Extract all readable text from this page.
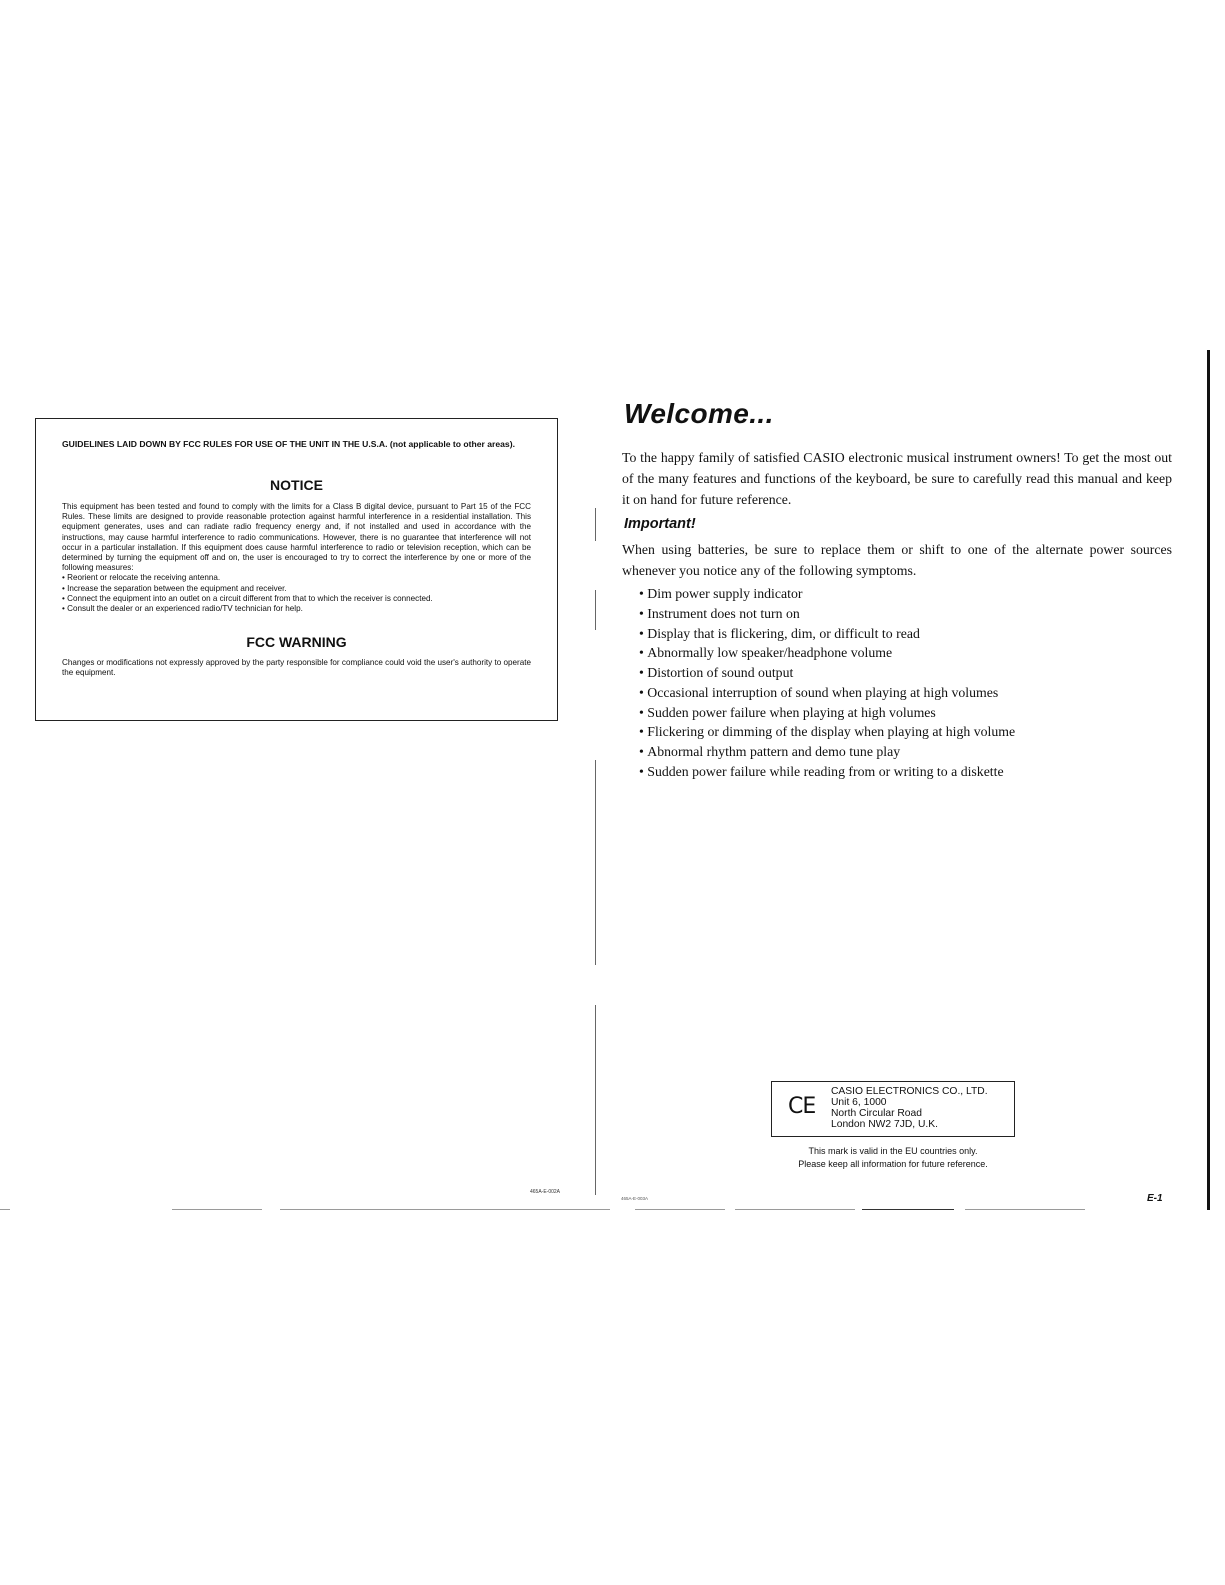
GUIDELINES LAID DOWN BY FCC RULES FOR USE OF THE UNIT IN THE U.S.A. (not applicable to other areas).

NOTICE

This equipment has been tested and found to comply with the limits for a Class B digital device, pursuant to Part 15 of the FCC Rules. These limits are designed to provide reasonable protection against harmful interference in a residential installation. This equipment generates, uses and can radiate radio frequency energy and, if not installed and used in accordance with the instructions, may cause harmful interference to radio communications. However, there is no guarantee that interference will not occur in a particular installation. If this equipment does cause harmful interference to radio or television reception, which can be determined by turning the equipment off and on, the user is encouraged to try to correct the interference by one or more of the following measures:

• Reorient or relocate the receiving antenna.
• Increase the separation between the equipment and receiver.
• Connect the equipment into an outlet on a circuit different from that to which the receiver is connected.
• Consult the dealer or an experienced radio/TV technician for help.
FCC WARNING

Changes or modifications not expressly approved by the party responsible for compliance could void the user's authority to operate the equipment.

465A-E-002A
Welcome...

To the happy family of satisfied CASIO electronic musical instrument owners! To get the most out of the many features and functions of the keyboard, be sure to carefully read this manual and keep it on hand for future reference.

Important!

When using batteries, be sure to replace them or shift to one of the alternate power sources whenever you notice any of the following symptoms.

• Dim power supply indicator
• Instrument does not turn on
• Display that is flickering, dim, or difficult to read
• Abnormally low speaker/headphone volume
• Distortion of sound output
• Occasional interruption of sound when playing at high volumes
• Sudden power failure when playing at high volumes
• Flickering or dimming of the display when playing at high volume
• Abnormal rhythm pattern and demo tune play
• Sudden power failure while reading from or writing to a diskette
CE
CASIO ELECTRONICS CO., LTD.
Unit 6, 1000
North Circular Road
London NW2 7JD, U.K.
This mark is valid in the EU countries only.
Please keep all information for future reference.
465A-E-003A	E-1
